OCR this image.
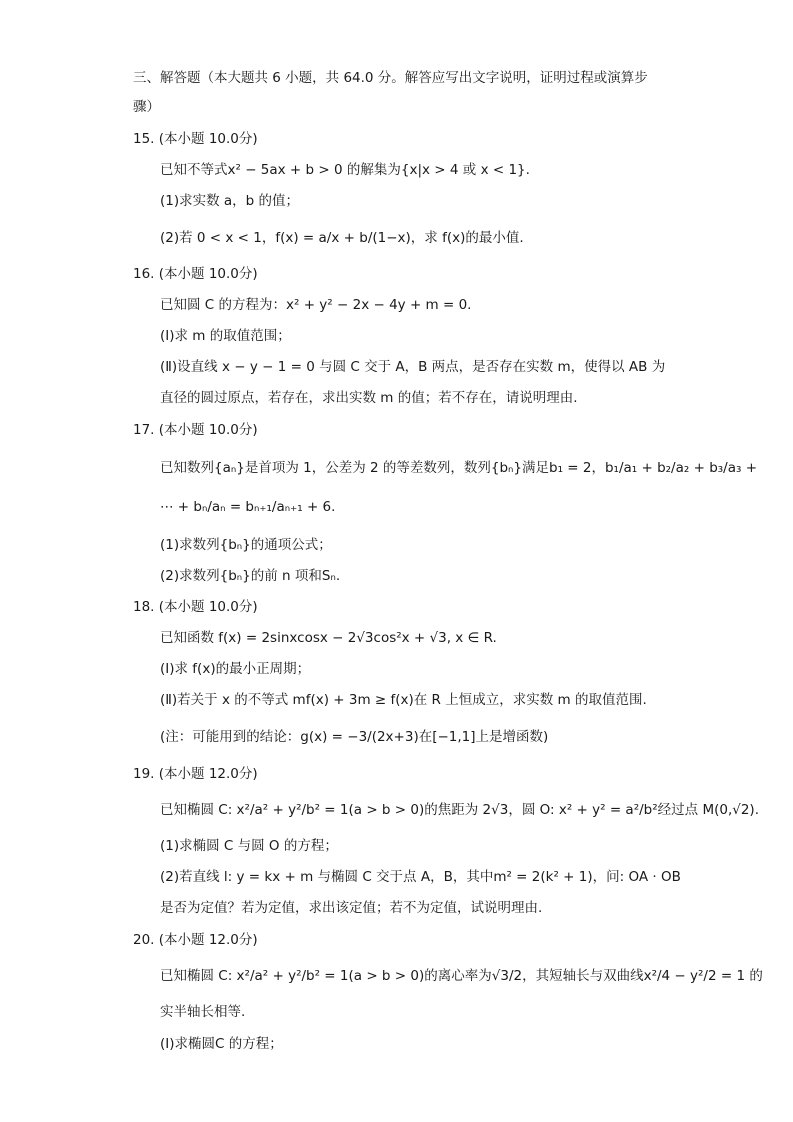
三、解答题（本大题共 6 小题，共 64.0 分。解答应写出文字说明，证明过程或演算步
骤）
15. (本小题 10.0分)
已知不等式x² − 5ax + b > 0 的解集为{x|x > 4 或 x < 1}.
(1)求实数 a，b 的值；
(2)若 0 < x < 1，f(x) = a/x + b/(1−x)，求 f(x)的最小值.
16. (本小题 10.0分)
已知圆 C 的方程为：x² + y² − 2x − 4y + m = 0.
(Ⅰ)求 m 的取值范围；
(Ⅱ)设直线 x − y − 1 = 0 与圆 C 交于 A，B 两点，是否存在实数 m，使得以 AB 为
直径的圆过原点，若存在，求出实数 m 的值；若不存在，请说明理由.
17. (本小题 10.0分)
已知数列{aₙ}是首项为 1，公差为 2 的等差数列，数列{bₙ}满足b₁ = 2，b₁/a₁ + b₂/a₂ + b₃/a₃ +
⋯ + bₙ/aₙ = bₙ₊₁/aₙ₊₁ + 6.
(1)求数列{bₙ}的通项公式；
(2)求数列{bₙ}的前 n 项和Sₙ.
18. (本小题 10.0分)
已知函数 f(x) = 2sinxcosx − 2√3cos²x + √3, x ∈ R.
(Ⅰ)求 f(x)的最小正周期；
(Ⅱ)若关于 x 的不等式 mf(x) + 3m ≥ f(x)在 R 上恒成立，求实数 m 的取值范围.
(注：可能用到的结论：g(x) = −3/(2x+3)在[−1,1]上是增函数)
19. (本小题 12.0分)
已知椭圆 C: x²/a² + y²/b² = 1(a > b > 0)的焦距为 2√3，圆 O: x² + y² = a²/b²经过点 M(0,√2).
(1)求椭圆 C 与圆 O 的方程；
(2)若直线 l: y = kx + m 与椭圆 C 交于点 A，B，其中m² = 2(k² + 1)，问: OA · OB
是否为定值？若为定值，求出该定值；若不为定值，试说明理由.
20. (本小题 12.0分)
已知椭圆 C: x²/a² + y²/b² = 1(a > b > 0)的离心率为√3/2，其短轴长与双曲线x²/4 − y²/2 = 1 的
实半轴长相等.
(Ⅰ)求椭圆C 的方程；
